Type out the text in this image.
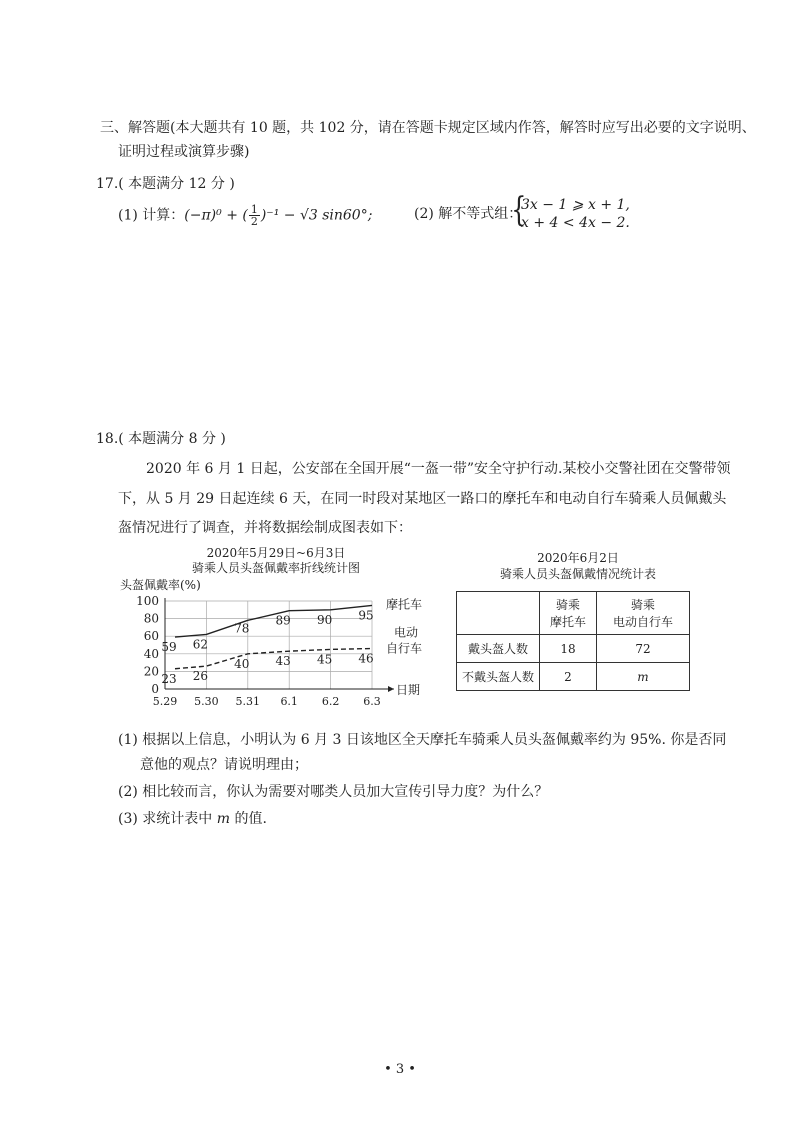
三、解答题(本大题共有 10 题，共 102 分，请在答题卡规定区域内作答，解答时应写出必要的文字说明、
证明过程或演算步骤)
17.( 本题满分 12 分 )
(1) 计算：(−π)⁰ + ( $\frac{1}{2} )^{-1} - √3$ sin60°;	(2) 解不等式组：
{
3x − 1 ⩾ x + 1,
x + 4 < 4x − 2.
18.( 本题满分 8 分 )
2020 年 6 月 1 日起，公安部在全国开展“一盔一带”安全守护行动.某校小交警社团在交警带领
下，从 5 月 29 日起连续 6 天，在同一时段对某地区一路口的摩托车和电动自行车骑乘人员佩戴头
盔情况进行了调查，并将数据绘制成图表如下：
2020年5月29日~6月3日
骑乘人员头盔佩戴率折线统计图
头盔佩戴率(%)
0
20
40
60
80
100
5.29 5.30 5.31 6.1 6.2 6.3
日期
59 62
78
89 90 95
23 26
40 43 45 46
摩托车
电动
自行车
2020年6月2日
骑乘人员头盔佩戴情况统计表
	骑乘
摩托车	骑乘
电动自行车
戴头盔人数	18	72
不戴头盔人数	2	m
(1) 根据以上信息，小明认为 6 月 3 日该地区全天摩托车骑乘人员头盔佩戴率约为 95%. 你是否同
意他的观点？请说明理由；
(2) 相比较而言，你认为需要对哪类人员加大宣传引导力度？为什么？
(3) 求统计表中 m 的值.
• 3 •
